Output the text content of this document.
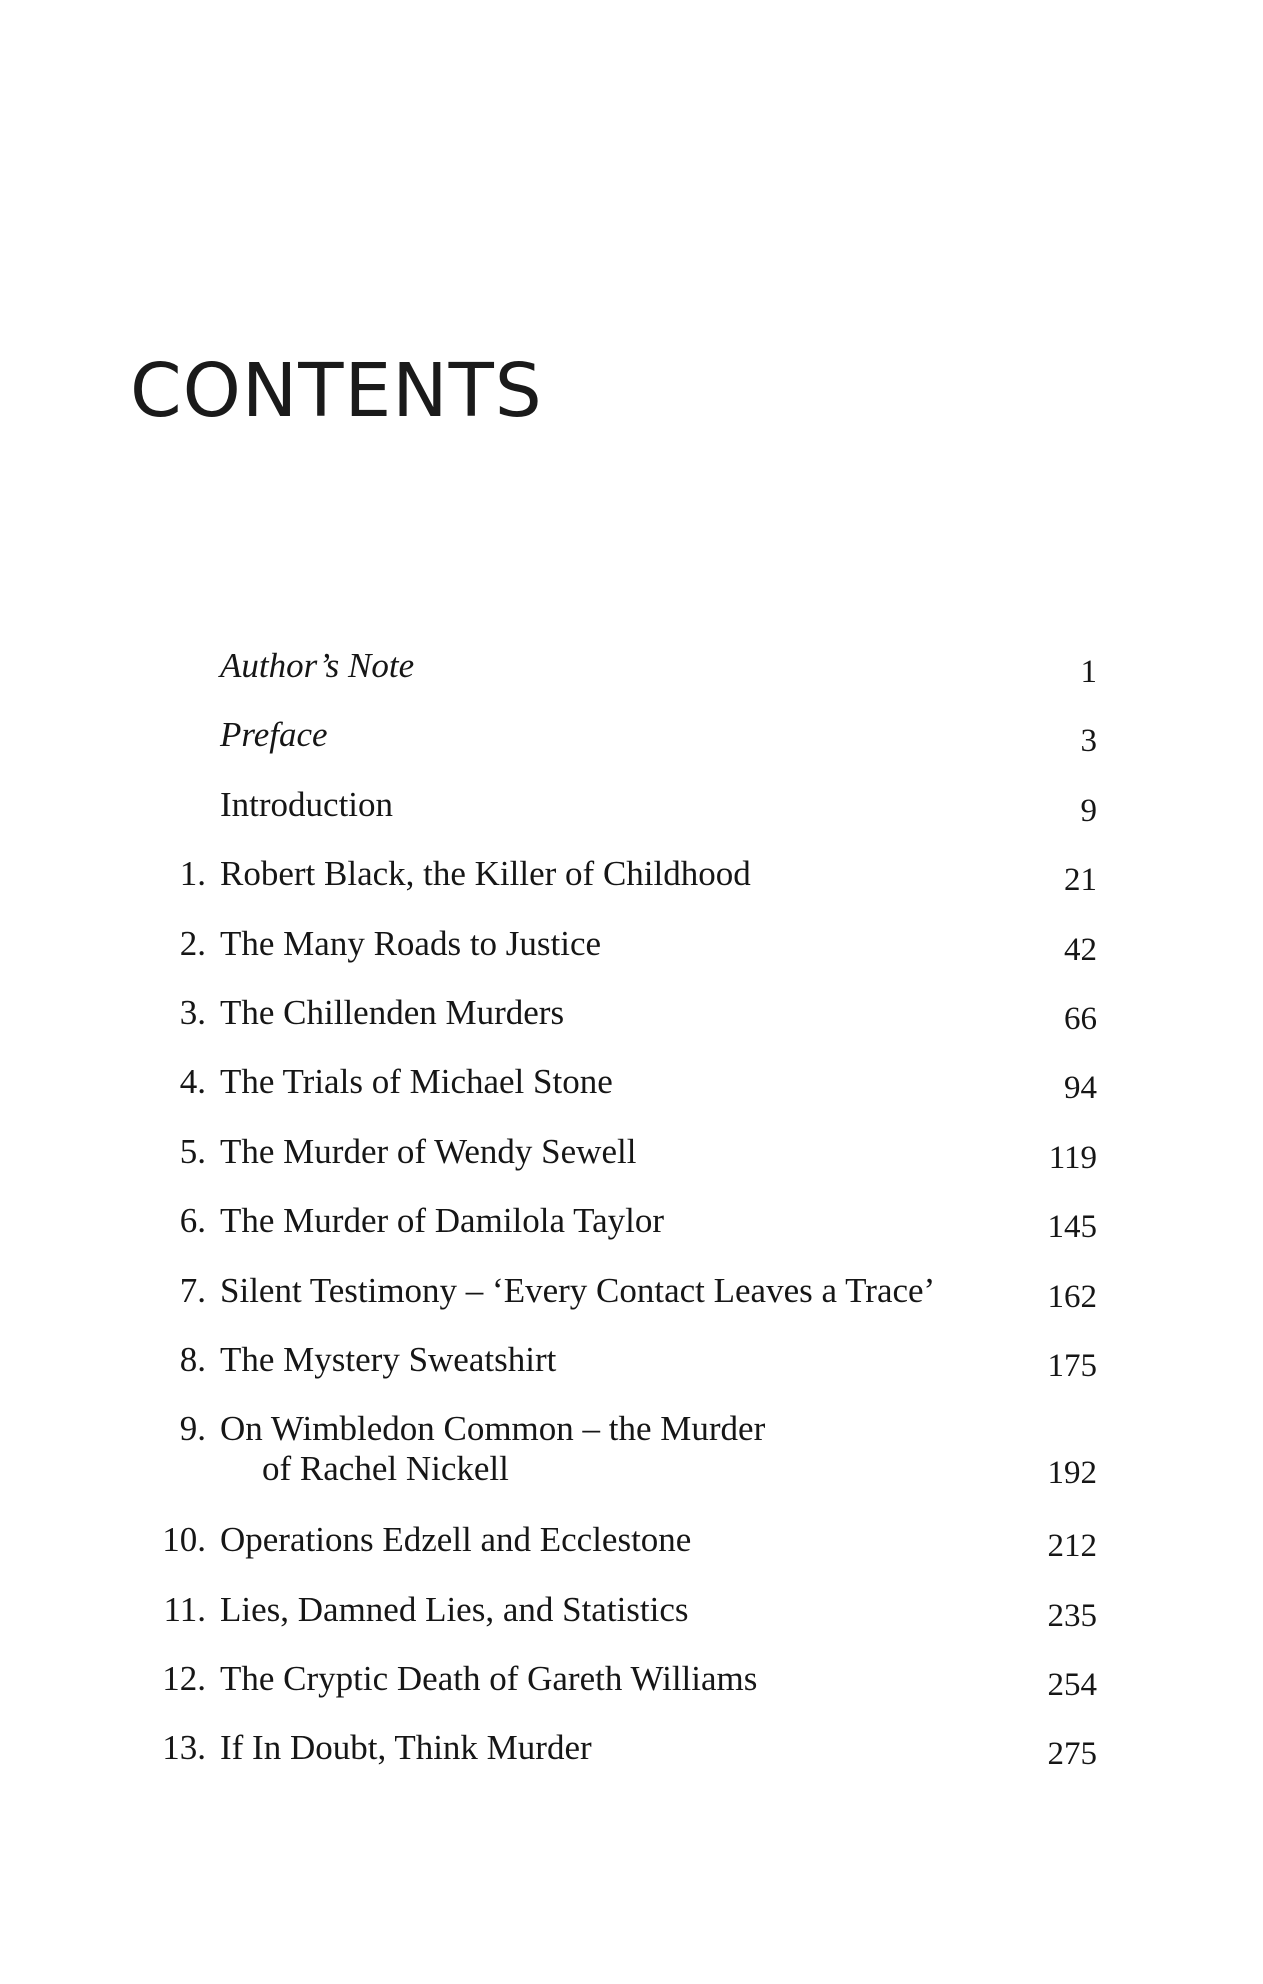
CONTENTS
Author’s Note	1
Preface	3
Introduction	9
1. Robert Black, the Killer of Childhood	21
2. The Many Roads to Justice	42
3. The Chillenden Murders	66
4. The Trials of Michael Stone	94
5. The Murder of Wendy Sewell	119
6. The Murder of Damilola Taylor	145
7. Silent Testimony – ‘Every Contact Leaves a Trace’	162
8. The Mystery Sweatshirt	175
9. On Wimbledon Common – the Murder
of Rachel Nickell	192
10. Operations Edzell and Ecclestone	212
11. Lies, Damned Lies, and Statistics	235
12. The Cryptic Death of Gareth Williams	254
13. If In Doubt, Think Murder	275
